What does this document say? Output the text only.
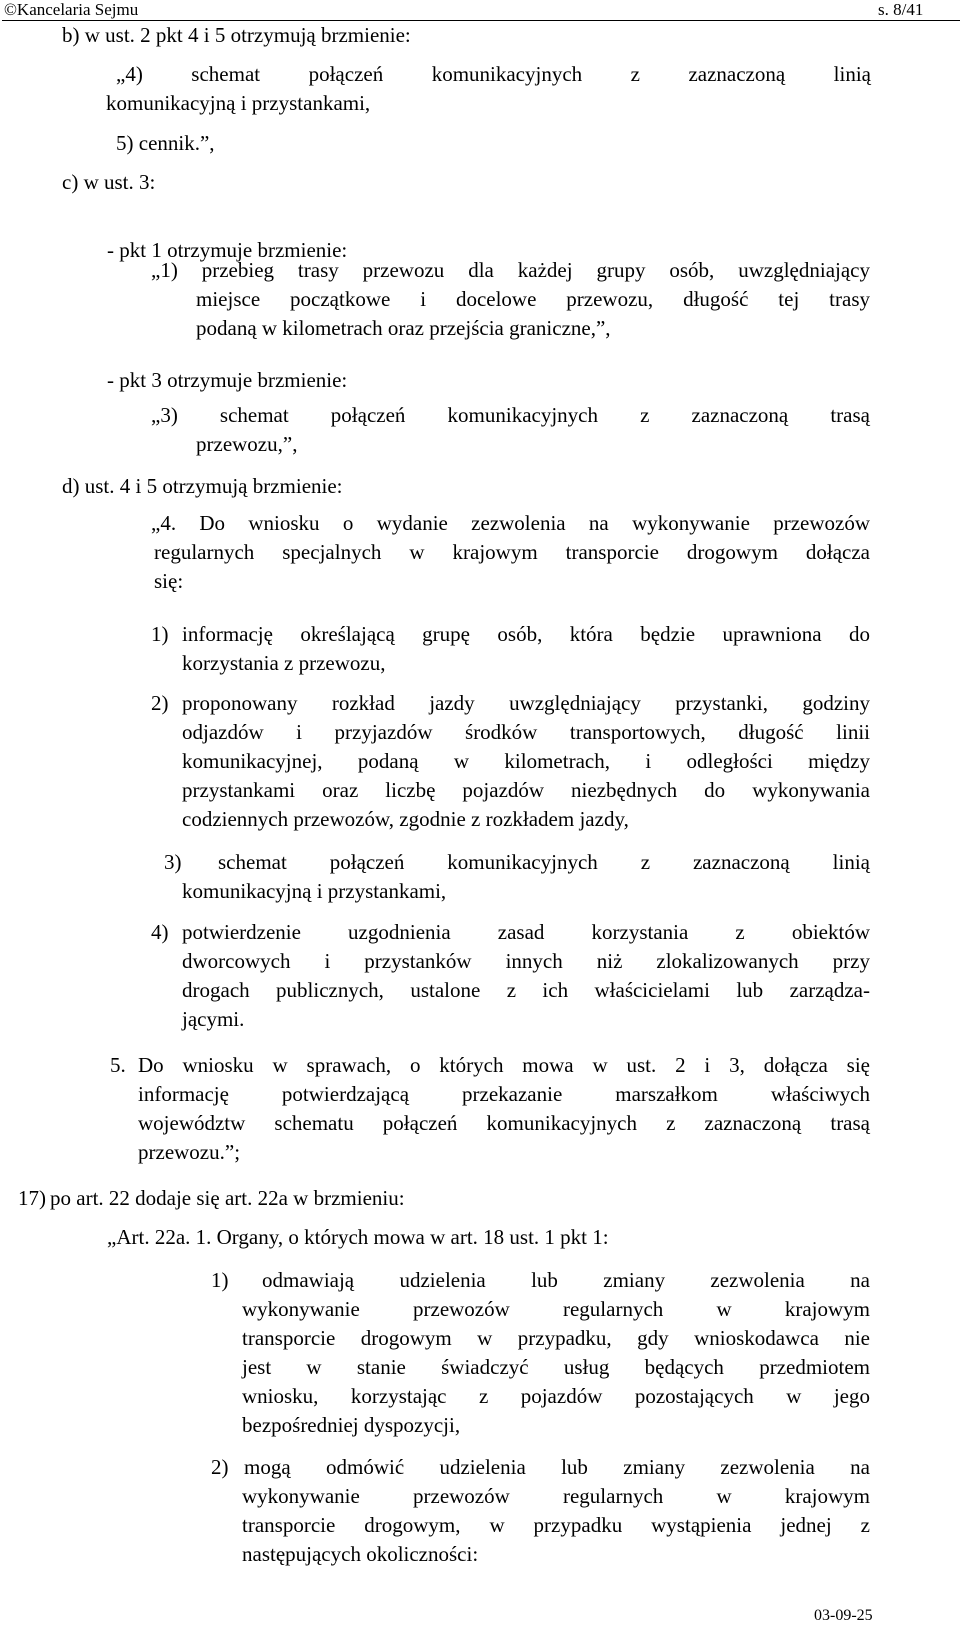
©Kancelaria Sejmu	s. 8/41
b) w ust. 2 pkt 4 i 5 otrzymują brzmienie:
„4) schemat połączeń komunikacyjnych z zaznaczoną linią
komunikacyjną i przystankami,
5) cennik.”,
c) w ust. 3:
- pkt 1 otrzymuje brzmienie:
„1) przebieg trasy przewozu dla każdej grupy osób, uwzględniający
miejsce początkowe i docelowe przewozu, długość tej trasy
podaną w kilometrach oraz przejścia graniczne,”,
- pkt 3 otrzymuje brzmienie:
„3) schemat połączeń komunikacyjnych z zaznaczoną trasą
przewozu,”,
d) ust. 4 i 5 otrzymują brzmienie:
„4. Do wniosku o wydanie zezwolenia na wykonywanie przewozów
regularnych specjalnych w krajowym transporcie drogowym dołącza
się:
1) informację określającą grupę osób, która będzie uprawniona do
korzystania z przewozu,
2) proponowany rozkład jazdy uwzględniający przystanki, godziny
odjazdów i przyjazdów środków transportowych, długość linii
komunikacyjnej, podaną w kilometrach, i odległości między
przystankami oraz liczbę pojazdów niezbędnych do wykonywania
codziennych przewozów, zgodnie z rozkładem jazdy,
3)	schemat połączeń komunikacyjnych z zaznaczoną linią
komunikacyjną i przystankami,
4) potwierdzenie uzgodnienia zasad korzystania z obiektów
dworcowych i przystanków innych niż zlokalizowanych przy
drogach publicznych, ustalone z ich właścicielami lub zarządza-
jącymi.
5. Do wniosku w sprawach, o których mowa w ust. 2 i 3, dołącza się
informację potwierdzającą przekazanie marszałkom właściwych
województw schematu połączeń komunikacyjnych z zaznaczoną trasą
przewozu.”;
17)
po art. 22 dodaje się art. 22a w brzmieniu:
„Art. 22a. 1. Organy, o których mowa w art. 18 ust. 1 pkt 1:
1)	odmawiają udzielenia lub zmiany zezwolenia na
wykonywanie przewozów regularnych w krajowym
transporcie drogowym w przypadku, gdy wnioskodawca nie
jest w stanie świadczyć usług będących przedmiotem
wniosku, korzystając z pojazdów pozostających w jego
bezpośredniej dyspozycji,
2) mogą odmówić udzielenia lub zmiany zezwolenia na
wykonywanie przewozów regularnych w krajowym
transporcie drogowym, w przypadku wystąpienia jednej z
następujących okoliczności:
03-09-25
